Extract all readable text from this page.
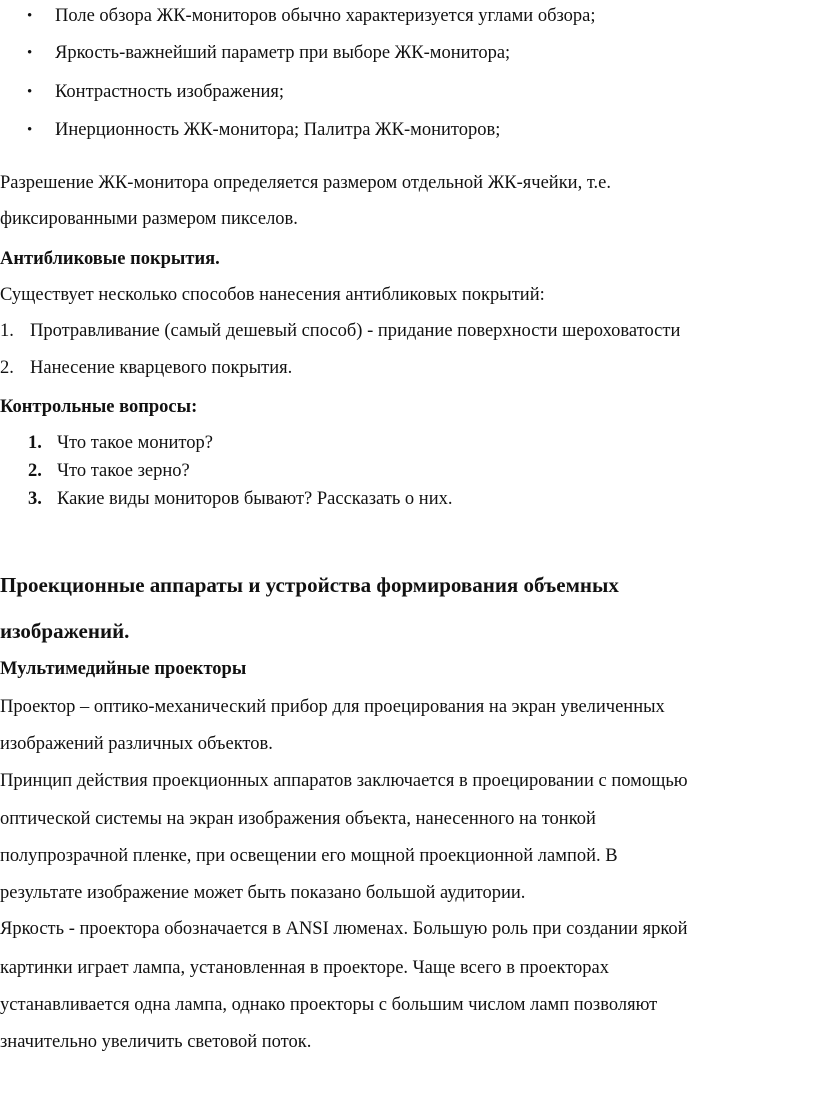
• Поле обзора ЖК-мониторов обычно характеризуется углами обзора;
• Яркость-важнейший параметр при выборе ЖК-монитора;
• Контрастность изображения;
• Инерционность ЖК-монитора; Палитра ЖК-мониторов;
Разрешение ЖК-монитора определяется размером отдельной ЖК-ячейки, т.е.
фиксированными размером пикселов.
Антибликовые покрытия.
Существует несколько способов нанесения антибликовых покрытий:
1. Протравливание (самый дешевый способ) - придание поверхности шероховатости
2. Нанесение кварцевого покрытия.
Контрольные вопросы:
1. Что такое монитор?
2. Что такое зерно?
3. Какие виды мониторов бывают? Рассказать о них.
Проекционные аппараты и устройства формирования объемных
изображений.
Мультимедийные проекторы
Проектор – оптико-механический прибор для проецирования на экран увеличенных
изображений различных объектов.
Принцип действия проекционных аппаратов заключается в проецировании с помощью
оптической системы на экран изображения объекта, нанесенного на тонкой
полупрозрачной пленке, при освещении его мощной проекционной лампой. В
результате изображение может быть показано большой аудитории.
Яркость - проектора обозначается в ANSI люменах. Большую роль при создании яркой
картинки играет лампа, установленная в проекторе. Чаще всего в проекторах
устанавливается одна лампа, однако проекторы с большим числом ламп позволяют
значительно увеличить световой поток.
